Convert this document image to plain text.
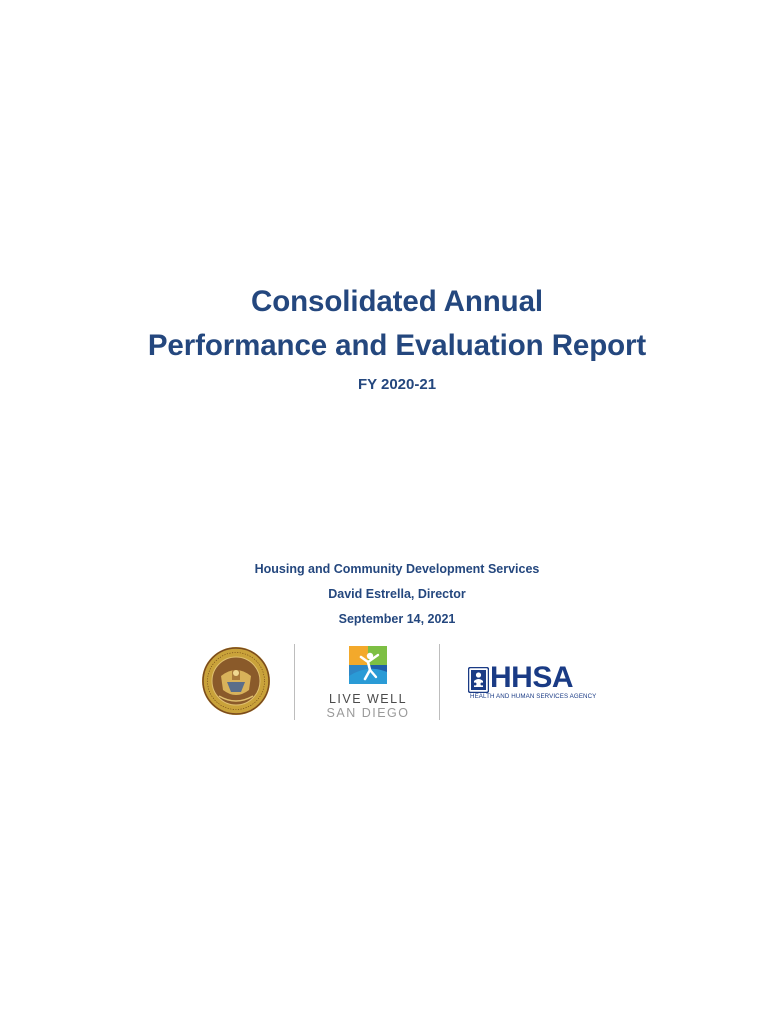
Consolidated Annual
Performance and Evaluation Report
FY 2020-21
Housing and Community Development Services
David Estrella, Director
September 14, 2021
LIVE WELL
SAN DIEGO
HHSA
HEALTH AND HUMAN SERVICES AGENCY
